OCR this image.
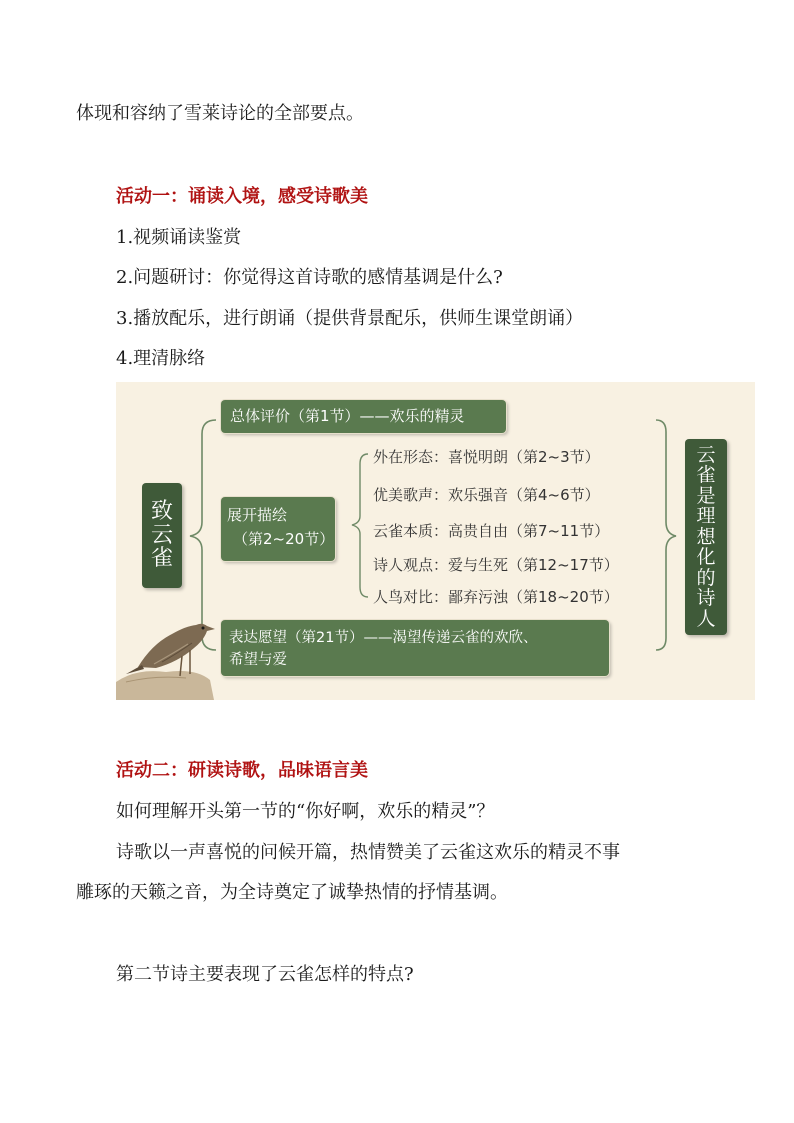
体现和容纳了雪莱诗论的全部要点。
活动一：诵读入境，感受诗歌美
1.视频诵读鉴赏
2.问题研讨：你觉得这首诗歌的感情基调是什么?
3.播放配乐，进行朗诵（提供背景配乐，供师生课堂朗诵）
4.理清脉络
致
云
雀
总体评价（第1节）——欢乐的精灵
展开描绘
（第2~20节）
外在形态：喜悦明朗（第2~3节）
优美歌声：欢乐强音（第4~6节）
云雀本质：高贵自由（第7~11节）
诗人观点：爱与生死（第12~17节）
人鸟对比：鄙弃污浊（第18~20节）
表达愿望（第21节）——渴望传递云雀的欢欣、
希望与爱
云
雀
是
理
想
化
的
诗
人
活动二：研读诗歌，品味语言美
如何理解开头第一节的“你好啊，欢乐的精灵”？
诗歌以一声喜悦的问候开篇，热情赞美了云雀这欢乐的精灵不事
雕琢的天籁之音，为全诗奠定了诚挚热情的抒情基调。
第二节诗主要表现了云雀怎样的特点?
